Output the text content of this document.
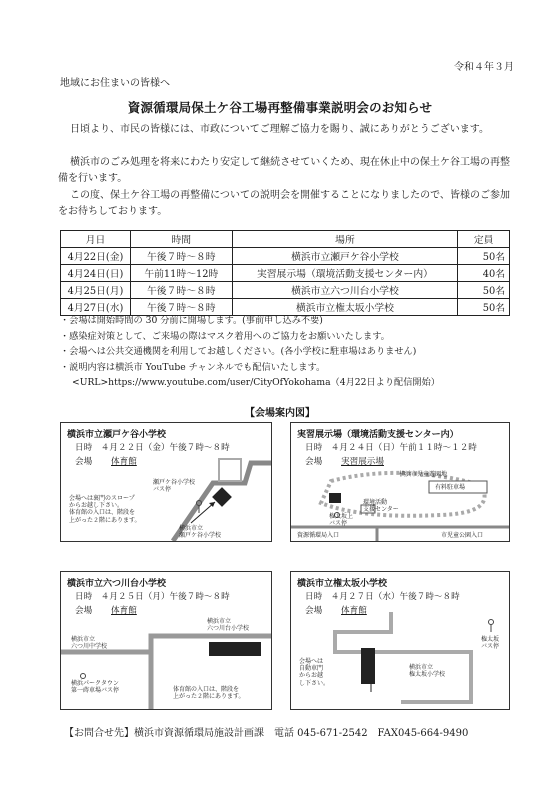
令和４年３月
地域にお住まいの皆様へ
資源循環局保土ケ谷工場再整備事業説明会のお知らせ
日頃より、市民の皆様には、市政についてご理解ご協力を賜り、誠にありがとうございます。
横浜市のごみ処理を将来にわたり安定して継続させていくため、現在休止中の保土ケ谷工場の再整備を行います。
この度、保土ケ谷工場の再整備についての説明会を開催することになりましたので、皆様のご参加をお待ちしております。
月日	時間	場所	定員
4月22日(金)	午後７時～８時	横浜市立瀬戸ケ谷小学校	50名
4月24日(日)	午前11時～12時	実習展示場（環境活動支援センター内）	40名
4月25日(月)	午後７時～８時	横浜市立六つ川台小学校	50名
4月27日(水)	午後７時～８時	横浜市立権太坂小学校	50名
・会場は開始時間の 30 分前に開場します。(事前申し込み不要)
・感染症対策として、ご来場の際はマスク着用へのご協力をお願いいたします。
・会場へは公共交通機関を利用してお越しください。(各小学校に駐車場はありません)
・説明内容は横浜市 YouTube チャンネルでも配信いたします。
<URL>https://www.youtube.com/user/CityOfYokohama（4月22日より配信開始）
【会場案内図】
横浜市立瀬戸ケ谷小学校
日時　４月２２日（金）午後７時～８時
会場 体育館
瀬戸ケ谷小学校
バス停
会場へは裏門のスロープ
からお越し下さい。
体育館の入口は、階段を
上がった２階にあります。
横浜市立
瀬戸ケ谷小学校
実習展示場（環境活動支援センター内）
日時　４月２４日（日）午前１１時～１２時
会場 実習展示場
横浜市児童遊園地
有料駐車場
環境活動
支援センター
権太坂上
バス停
資源循環局入口	市児童公園入口
横浜市立六つ川台小学校
日時　４月２５日（月）午後７時～８時
会場 体育館
横浜市立
六つ川台小学校
横浜市立
六つ川中学校
横浜パークタウン
第一蒔車場バス停	体育館の入口は、階段を
上がった２階にあります。
横浜市立権太坂小学校
日時　４月２７日（水）午後７時～８時
会場 体育館
権太坂
バス停
会場へは
自動車門
からお越
し下さい。
横浜市立
権太坂小学校
【お問合せ先】横浜市資源循環局施設計画課　電話 045-671-2542　FAX045-664-9490
